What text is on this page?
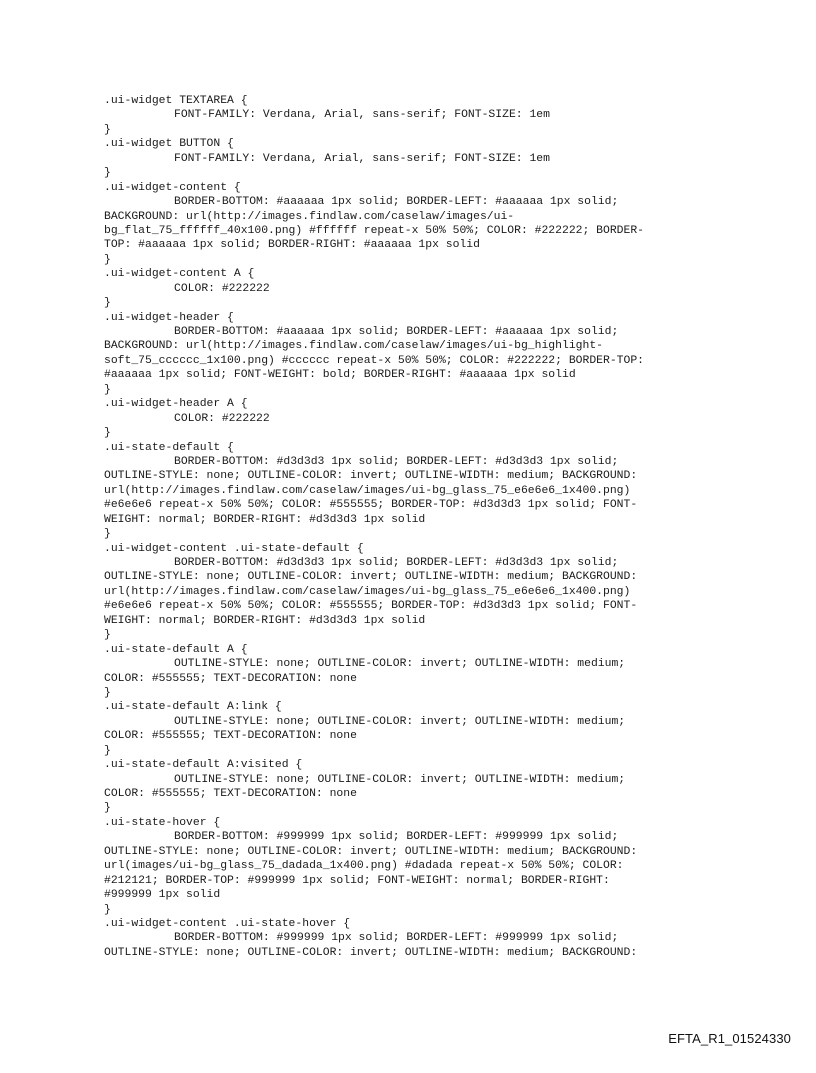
.ui-widget TEXTAREA {
FONT-FAMILY: Verdana, Arial, sans-serif; FONT-SIZE: 1em
}
.ui-widget BUTTON {
FONT-FAMILY: Verdana, Arial, sans-serif; FONT-SIZE: 1em
}
.ui-widget-content {
BORDER-BOTTOM: #aaaaaa 1px solid; BORDER-LEFT: #aaaaaa 1px solid;
BACKGROUND: url(http://images.findlaw.com/caselaw/images/ui-
bg_flat_75_ffffff_40x100.png) #ffffff repeat-x 50% 50%; COLOR: #222222; BORDER-
TOP: #aaaaaa 1px solid; BORDER-RIGHT: #aaaaaa 1px solid
}
.ui-widget-content A {
COLOR: #222222
}
.ui-widget-header {
BORDER-BOTTOM: #aaaaaa 1px solid; BORDER-LEFT: #aaaaaa 1px solid;
BACKGROUND: url(http://images.findlaw.com/caselaw/images/ui-bg_highlight-
soft_75_cccccc_1x100.png) #cccccc repeat-x 50% 50%; COLOR: #222222; BORDER-TOP:
#aaaaaa 1px solid; FONT-WEIGHT: bold; BORDER-RIGHT: #aaaaaa 1px solid
}
.ui-widget-header A {
COLOR: #222222
}
.ui-state-default {
BORDER-BOTTOM: #d3d3d3 1px solid; BORDER-LEFT: #d3d3d3 1px solid;
OUTLINE-STYLE: none; OUTLINE-COLOR: invert; OUTLINE-WIDTH: medium; BACKGROUND:
url(http://images.findlaw.com/caselaw/images/ui-bg_glass_75_e6e6e6_1x400.png)
#e6e6e6 repeat-x 50% 50%; COLOR: #555555; BORDER-TOP: #d3d3d3 1px solid; FONT-
WEIGHT: normal; BORDER-RIGHT: #d3d3d3 1px solid
}
.ui-widget-content .ui-state-default {
BORDER-BOTTOM: #d3d3d3 1px solid; BORDER-LEFT: #d3d3d3 1px solid;
OUTLINE-STYLE: none; OUTLINE-COLOR: invert; OUTLINE-WIDTH: medium; BACKGROUND:
url(http://images.findlaw.com/caselaw/images/ui-bg_glass_75_e6e6e6_1x400.png)
#e6e6e6 repeat-x 50% 50%; COLOR: #555555; BORDER-TOP: #d3d3d3 1px solid; FONT-
WEIGHT: normal; BORDER-RIGHT: #d3d3d3 1px solid
}
.ui-state-default A {
OUTLINE-STYLE: none; OUTLINE-COLOR: invert; OUTLINE-WIDTH: medium;
COLOR: #555555; TEXT-DECORATION: none
}
.ui-state-default A:link {
OUTLINE-STYLE: none; OUTLINE-COLOR: invert; OUTLINE-WIDTH: medium;
COLOR: #555555; TEXT-DECORATION: none
}
.ui-state-default A:visited {
OUTLINE-STYLE: none; OUTLINE-COLOR: invert; OUTLINE-WIDTH: medium;
COLOR: #555555; TEXT-DECORATION: none
}
.ui-state-hover {
BORDER-BOTTOM: #999999 1px solid; BORDER-LEFT: #999999 1px solid;
OUTLINE-STYLE: none; OUTLINE-COLOR: invert; OUTLINE-WIDTH: medium; BACKGROUND:
url(images/ui-bg_glass_75_dadada_1x400.png) #dadada repeat-x 50% 50%; COLOR:
#212121; BORDER-TOP: #999999 1px solid; FONT-WEIGHT: normal; BORDER-RIGHT:
#999999 1px solid
}
.ui-widget-content .ui-state-hover {
BORDER-BOTTOM: #999999 1px solid; BORDER-LEFT: #999999 1px solid;
OUTLINE-STYLE: none; OUTLINE-COLOR: invert; OUTLINE-WIDTH: medium; BACKGROUND:
EFTA_R1_01524330
